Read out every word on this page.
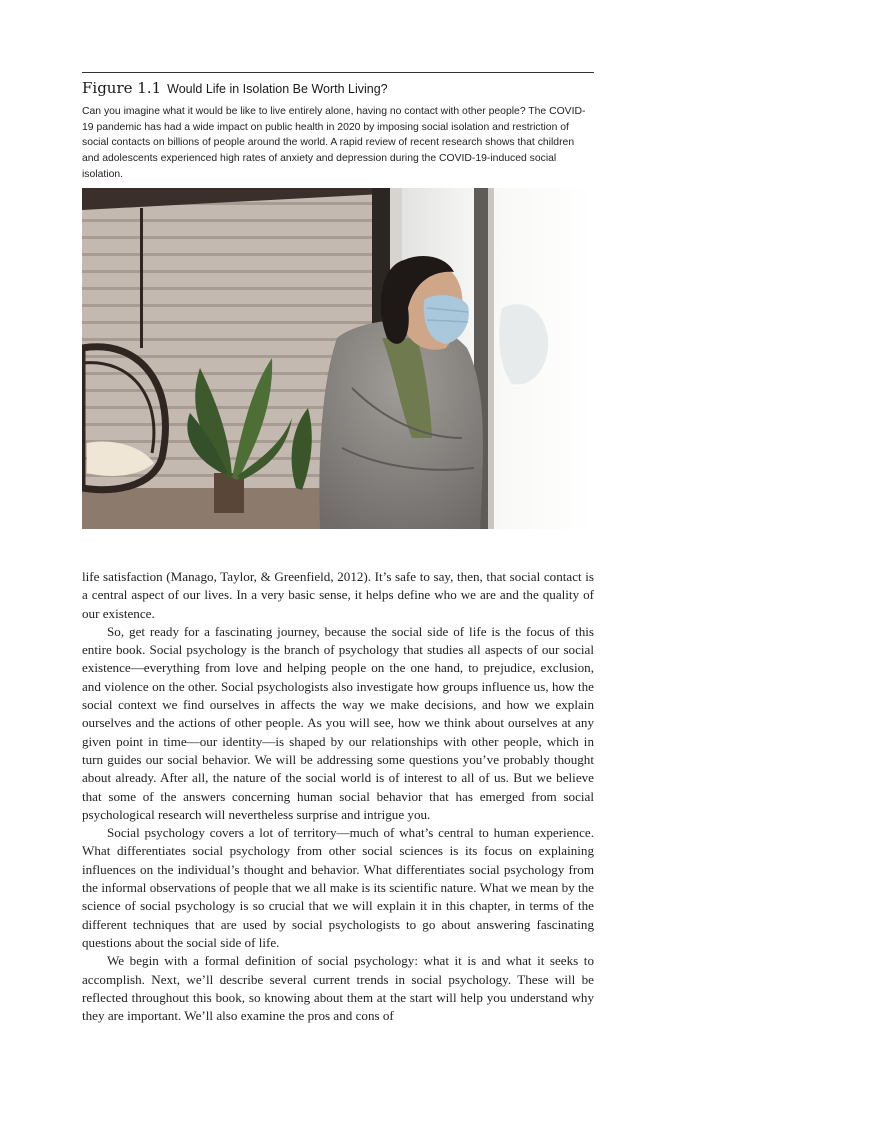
Figure 1.1 Would Life in Isolation Be Worth Living?
Can you imagine what it would be like to live entirely alone, having no contact with other people? The COVID-19 pandemic has had a wide impact on public health in 2020 by imposing social isolation and restriction of social contacts on billions of people around the world. A rapid review of recent research shows that children and adolescents experienced high rates of anxiety and depression during the COVID-19-induced social isolation.

life satisfaction (Manago, Taylor, & Greenfield, 2012). It’s safe to say, then, that social contact is a central aspect of our lives. In a very basic sense, it helps define who we are and the quality of our existence.

So, get ready for a fascinating journey, because the social side of life is the focus of this entire book. Social psychology is the branch of psychology that studies all aspects of our social existence—everything from love and helping people on the one hand, to prejudice, exclusion, and violence on the other. Social psychologists also investigate how groups influence us, how the social context we find ourselves in affects the way we make decisions, and how we explain ourselves and the actions of other people. As you will see, how we think about ourselves at any given point in time—our identity—is shaped by our relationships with other people, which in turn guides our social behavior. We will be addressing some questions you’ve probably thought about already. After all, the nature of the social world is of interest to all of us. But we believe that some of the answers concerning human social behavior that has emerged from social psychological research will nevertheless surprise and intrigue you.

Social psychology covers a lot of territory—much of what’s central to human experience. What differentiates social psychology from other social sciences is its focus on explaining influences on the individual’s thought and behavior. What differentiates social psychology from the informal observations of people that we all make is its scientific nature. What we mean by the science of social psychology is so crucial that we will explain it in this chapter, in terms of the different techniques that are used by social psychologists to go about answering fascinating questions about the social side of life.

We begin with a formal definition of social psychology: what it is and what it seeks to accomplish. Next, we’ll describe several current trends in social psychology. These will be reflected throughout this book, so knowing about them at the start will help you understand why they are important. We’ll also examine the pros and cons of
